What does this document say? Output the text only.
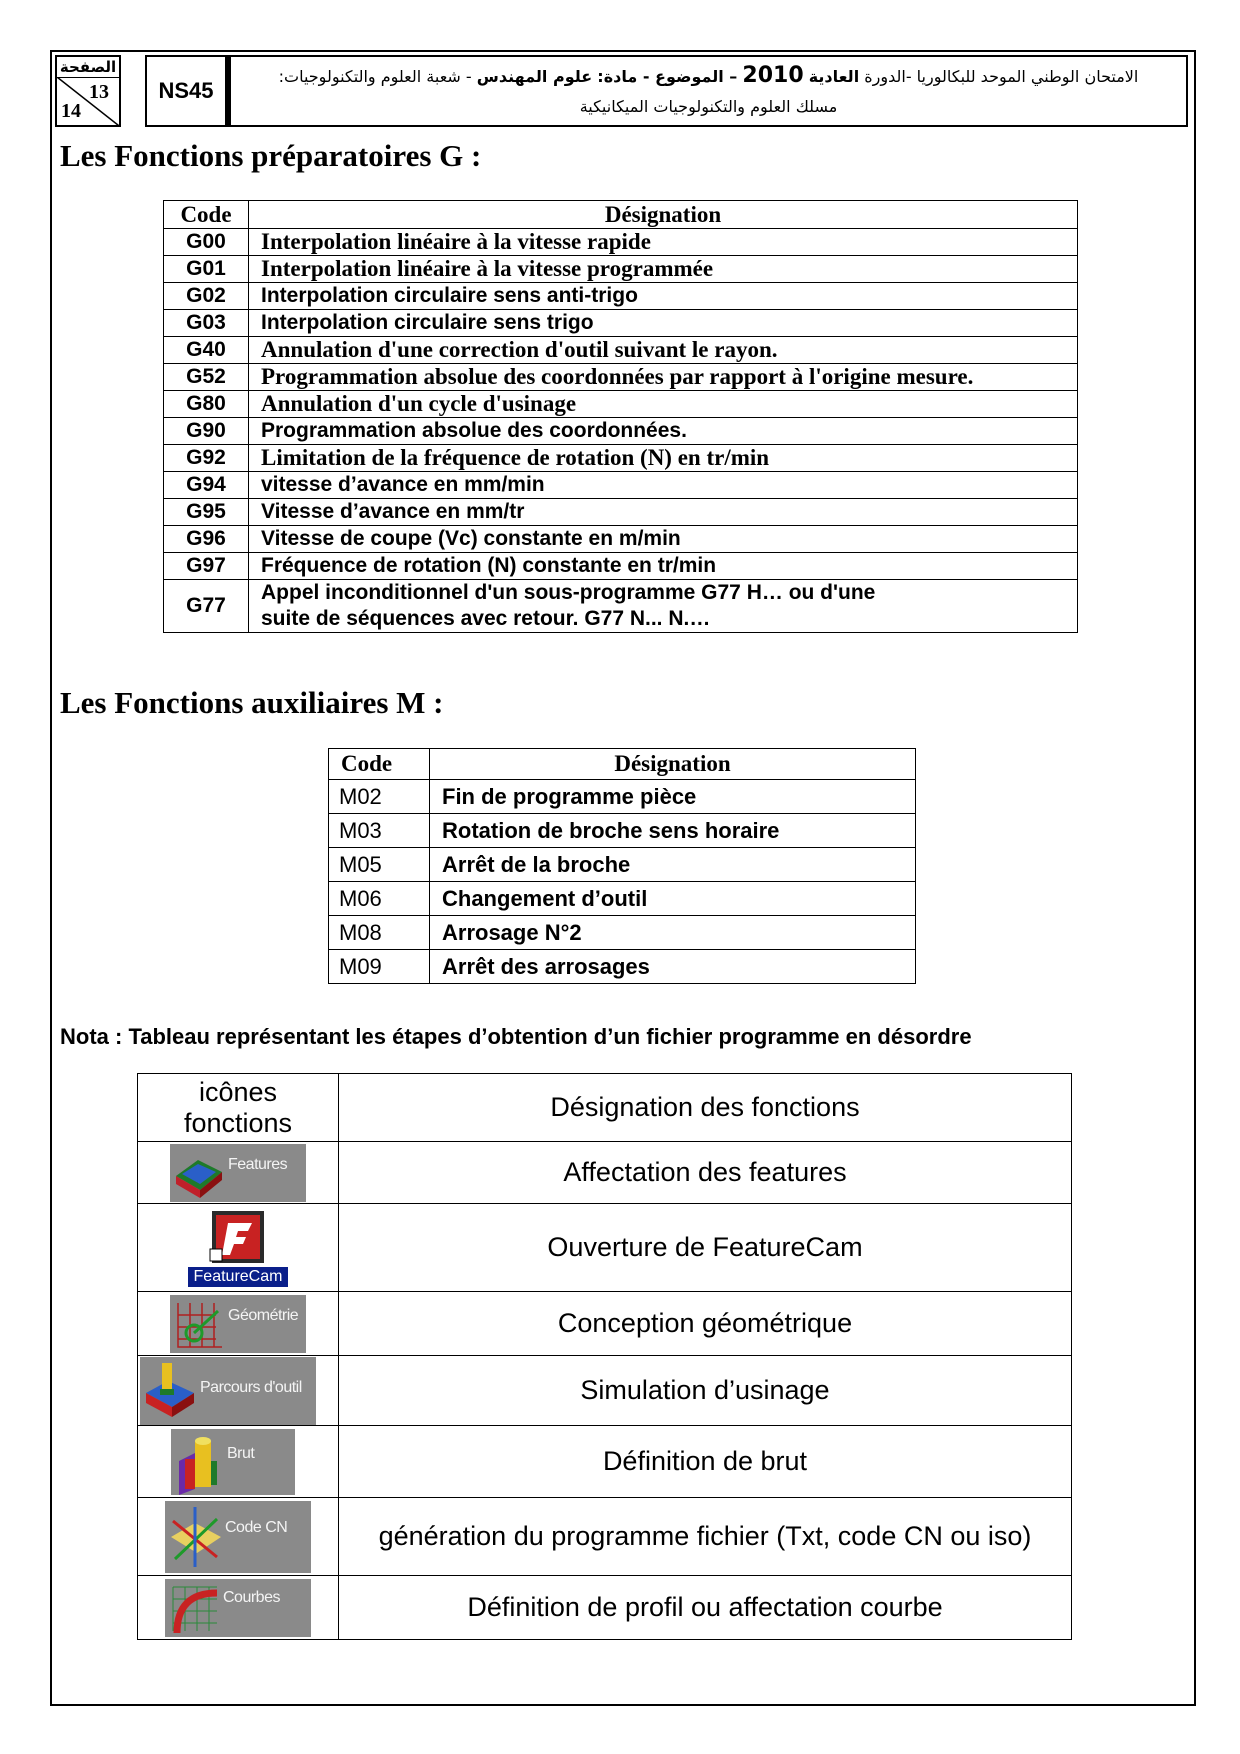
الصفحة
13
14
NS45
الامتحان الوطني الموحد للبكالوريا -الدورة العادية 2010 – الموضوع - مادة: علوم المهندس - شعبة العلوم والتكنولوجيات:
مسلك العلوم والتكنولوجيات الميكانيكية
Les Fonctions préparatoires G :
Code	Désignation
G00	Interpolation linéaire à la vitesse rapide
G01	Interpolation linéaire à la vitesse programmée
G02	Interpolation circulaire sens anti-trigo
G03	Interpolation circulaire sens trigo
G40	Annulation d'une correction d'outil suivant le rayon.
G52	Programmation absolue des coordonnées par rapport à l'origine mesure.
G80	Annulation d'un cycle d'usinage
G90	Programmation absolue des coordonnées.
G92	Limitation de la fréquence de rotation (N) en tr/min
G94	vitesse d’avance en mm/min
G95	Vitesse d’avance en mm/tr
G96	Vitesse de coupe (Vc) constante en m/min
G97	Fréquence de rotation (N) constante en tr/min
G77	Appel inconditionnel d'un sous-programme G77 H… ou d'une
suite de séquences avec retour. G77 N... N.…
Les Fonctions auxiliaires M :
Code	Désignation
M02	Fin de programme pièce
M03	Rotation de broche sens horaire
M05	Arrêt de la broche
M06	Changement d’outil
M08	Arrosage N°2
M09	Arrêt des arrosages
Nota : Tableau représentant les étapes d’obtention d’un fichier programme en désordre
icônes
fonctions	Désignation des fonctions

Features	Affectation des features

FeatureCam	Ouverture de FeatureCam

Géométrie	Conception géométrique

Parcours d'outil	Simulation d’usinage

Brut	Définition de brut

Code CN	génération du programme fichier (Txt, code CN ou iso)

Courbes	Définition de profil ou affectation courbe
